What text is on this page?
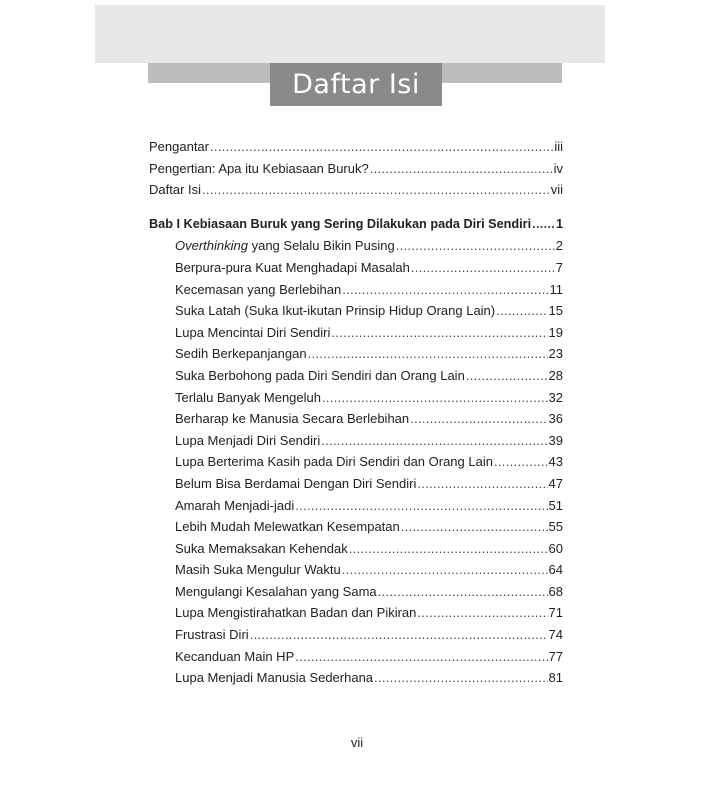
Daftar Isi
Pengantar .....	iii
Pengertian: Apa itu Kebiasaan Buruk? .....	iv
Daftar Isi .....	vii
Bab I Kebiasaan Buruk yang Sering Dilakukan pada Diri Sendiri ..... 1
Overthinking yang Selalu Bikin Pusing .....	2
Berpura-pura Kuat Menghadapi Masalah .....	7
Kecemasan yang Berlebihan .....	11
Suka Latah (Suka Ikut-ikutan Prinsip Hidup Orang Lain) .....	15
Lupa Mencintai Diri Sendiri .....	19
Sedih Berkepanjangan .....	23
Suka Berbohong pada Diri Sendiri dan Orang Lain .....	28
Terlalu Banyak Mengeluh .....	32
Berharap ke Manusia Secara Berlebihan .....	36
Lupa Menjadi Diri Sendiri .....	39
Lupa Berterima Kasih pada Diri Sendiri dan Orang Lain .....	43
Belum Bisa Berdamai Dengan Diri Sendiri .....	47
Amarah Menjadi-jadi .....	51
Lebih Mudah Melewatkan Kesempatan .....	55
Suka Memaksakan Kehendak .....	60
Masih Suka Mengulur Waktu .....	64
Mengulangi Kesalahan yang Sama .....	68
Lupa Mengistirahatkan Badan dan Pikiran .....	71
Frustrasi Diri .....	74
Kecanduan Main HP .....	77
Lupa Menjadi Manusia Sederhana .....	81
vii
